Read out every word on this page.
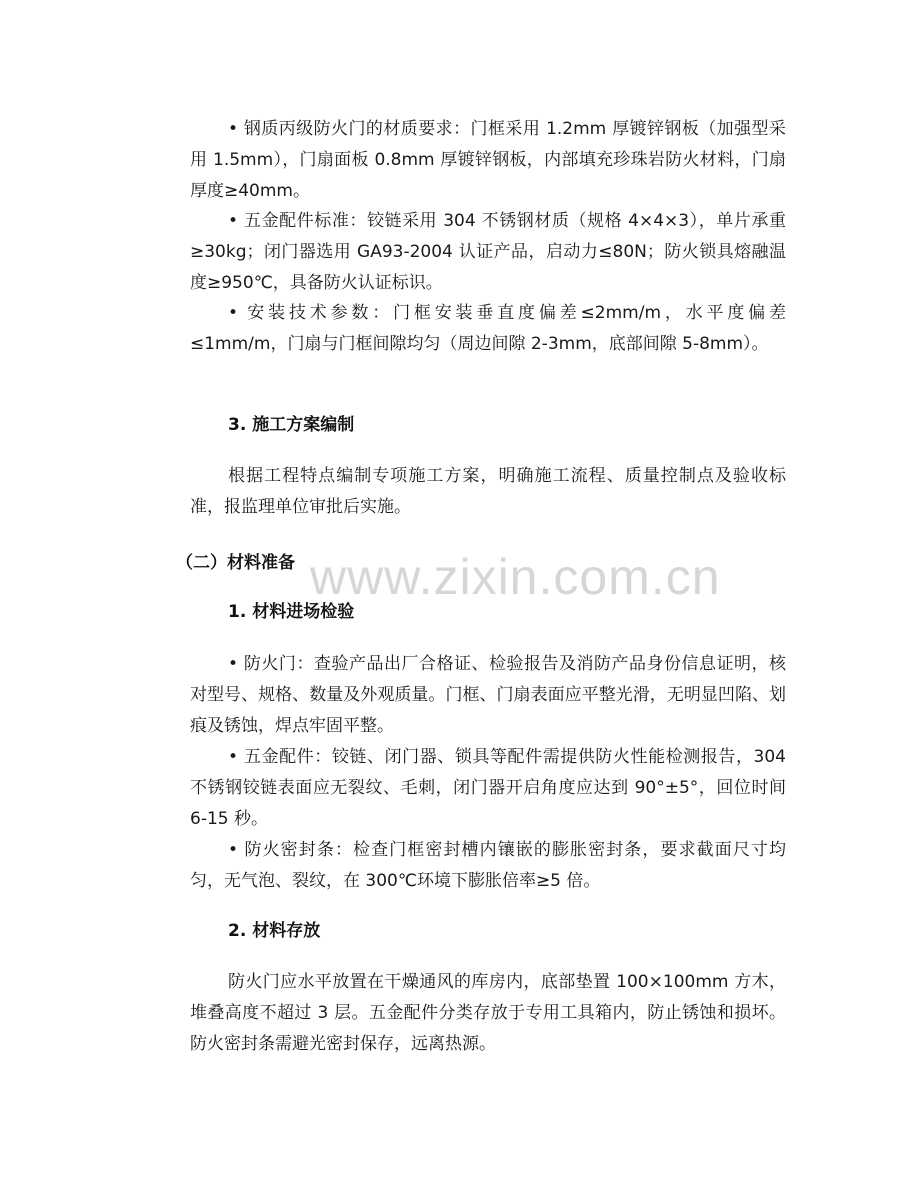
• 钢质丙级防火门的材质要求：门框采用 1.2mm 厚镀锌钢板（加强型采用 1.5mm），门扇面板 0.8mm 厚镀锌钢板，内部填充珍珠岩防火材料，门扇厚度≥40mm。

• 五金配件标准：铰链采用 304 不锈钢材质（规格 4×4×3），单片承重≥30kg；闭门器选用 GA93-2004 认证产品，启动力≤80N；防火锁具熔融温度≥950℃，具备防火认证标识。

• 安装技术参数：门框安装垂直度偏差≤2mm/m，水平度偏差≤1mm/m，门扇与门框间隙均匀（周边间隙 2-3mm，底部间隙 5-8mm）。

3. 施工方案编制

根据工程特点编制专项施工方案，明确施工流程、质量控制点及验收标准，报监理单位审批后实施。

（二）材料准备

1. 材料进场检验

• 防火门：查验产品出厂合格证、检验报告及消防产品身份信息证明，核对型号、规格、数量及外观质量。门框、门扇表面应平整光滑，无明显凹陷、划痕及锈蚀，焊点牢固平整。

• 五金配件：铰链、闭门器、锁具等配件需提供防火性能检测报告，304 不锈钢铰链表面应无裂纹、毛刺，闭门器开启角度应达到 90°±5°，回位时间 6-15 秒。

• 防火密封条：检查门框密封槽内镶嵌的膨胀密封条，要求截面尺寸均匀，无气泡、裂纹，在 300℃环境下膨胀倍率≥5 倍。

2. 材料存放

防火门应水平放置在干燥通风的库房内，底部垫置 100×100mm 方木，堆叠高度不超过 3 层。五金配件分类存放于专用工具箱内，防止锈蚀和损坏。防火密封条需避光密封保存，远离热源。

www.zixin.com.cn
